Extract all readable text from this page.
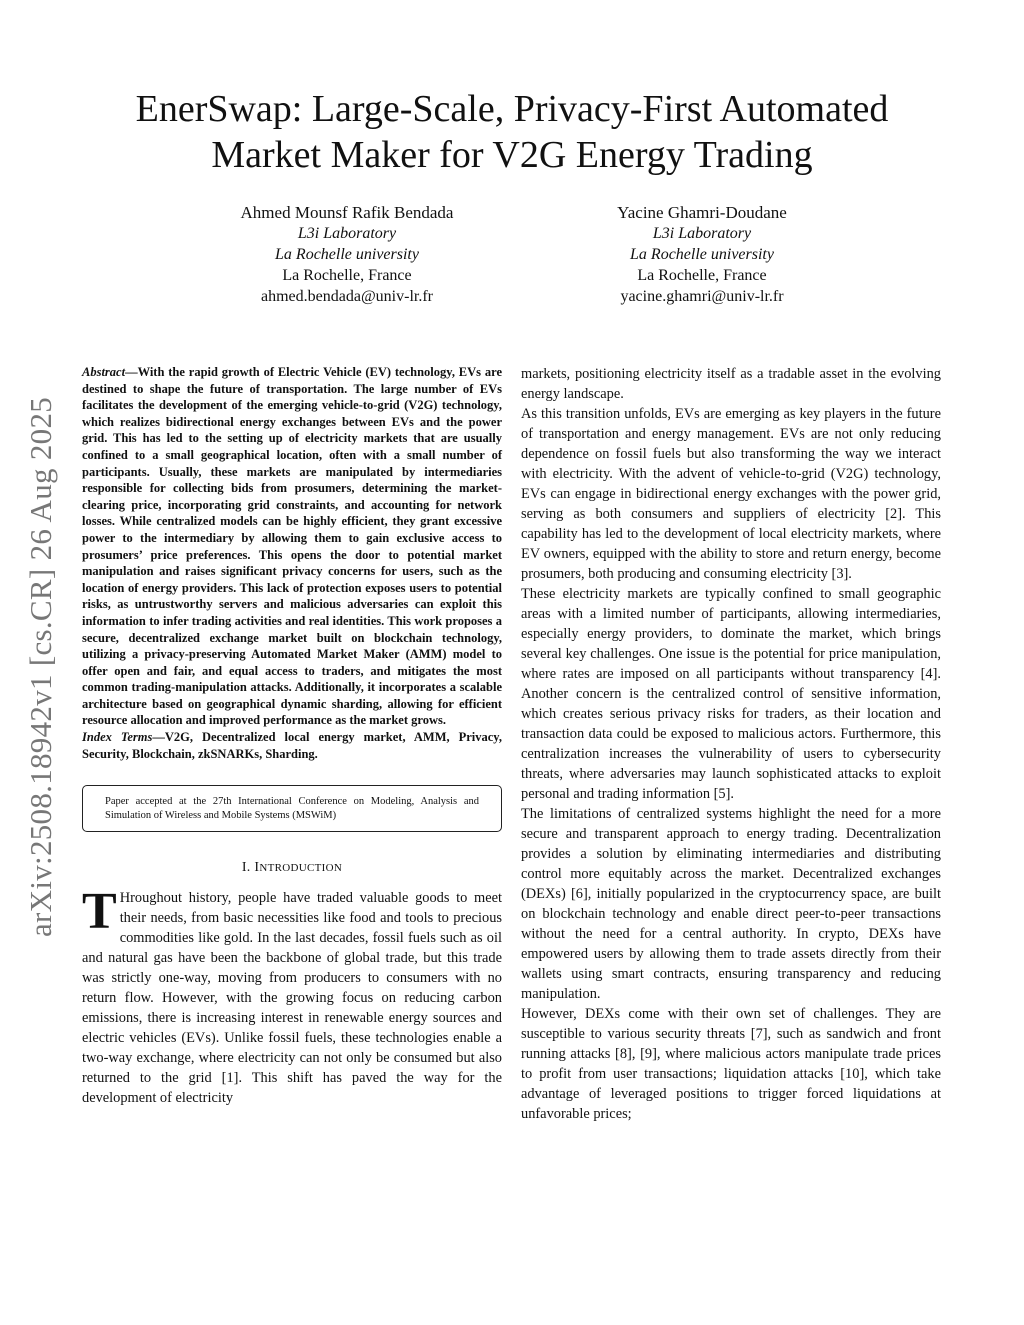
arXiv:2508.18942v1 [cs.CR] 26 Aug 2025
EnerSwap: Large-Scale, Privacy-First Automated
Market Maker for V2G Energy Trading
Ahmed Mounsf Rafik Bendada
L3i Laboratory
La Rochelle university
La Rochelle, France
ahmed.bendada@univ-lr.fr
Yacine Ghamri-Doudane
L3i Laboratory
La Rochelle university
La Rochelle, France
yacine.ghamri@univ-lr.fr

Abstract—With the rapid growth of Electric Vehicle (EV) technology, EVs are destined to shape the future of transportation. The large number of EVs facilitates the development of the emerging vehicle-to-grid (V2G) technology, which realizes bidirectional energy exchanges between EVs and the power grid. This has led to the setting up of electricity markets that are usually confined to a small geographical location, often with a small number of participants. Usually, these markets are manipulated by intermediaries responsible for collecting bids from prosumers, determining the market-clearing price, incorporating grid constraints, and accounting for network losses. While centralized models can be highly efficient, they grant excessive power to the intermediary by allowing them to gain exclusive access to prosumers’ price preferences. This opens the door to potential market manipulation and raises significant privacy concerns for users, such as the location of energy providers. This lack of protection exposes users to potential risks, as untrustworthy servers and malicious adversaries can exploit this information to infer trading activities and real identities. This work proposes a secure, decentralized exchange market built on blockchain technology, utilizing a privacy-preserving Automated Market Maker (AMM) model to offer open and fair, and equal access to traders, and mitigates the most common trading-manipulation attacks. Additionally, it incorporates a scalable architecture based on geographical dynamic sharding, allowing for efficient resource allocation and improved performance as the market grows.

Index Terms—V2G, Decentralized local energy market, AMM, Privacy, Security, Blockchain, zkSNARKs, Sharding.

Paper accepted at the 27th International Conference on Modeling, Analysis and Simulation of Wireless and Mobile Systems (MSWiM)
I. INTRODUCTION

T Hroughout history, people have traded valuable goods to meet their needs, from basic necessities like food and tools to precious commodities like gold. In the last decades, fossil fuels such as oil and natural gas have been the backbone of global trade, but this trade was strictly one-way, moving from producers to consumers with no return flow. However, with the growing focus on reducing carbon emissions, there is increasing interest in renewable energy sources and electric vehicles (EVs). Unlike fossil fuels, these technologies enable a two-way exchange, where electricity can not only be consumed but also returned to the grid [1]. This shift has paved the way for the development of electricity

markets, positioning electricity itself as a tradable asset in the evolving energy landscape.

As this transition unfolds, EVs are emerging as key players in the future of transportation and energy management. EVs are not only reducing dependence on fossil fuels but also transforming the way we interact with electricity. With the advent of vehicle-to-grid (V2G) technology, EVs can engage in bidirectional energy exchanges with the power grid, serving as both consumers and suppliers of electricity [2]. This capability has led to the development of local electricity markets, where EV owners, equipped with the ability to store and return energy, become prosumers, both producing and consuming electricity [3].

These electricity markets are typically confined to small geographic areas with a limited number of participants, allowing intermediaries, especially energy providers, to dominate the market, which brings several key challenges. One issue is the potential for price manipulation, where rates are imposed on all participants without transparency [4]. Another concern is the centralized control of sensitive information, which creates serious privacy risks for traders, as their location and transaction data could be exposed to malicious actors. Furthermore, this centralization increases the vulnerability of users to cybersecurity threats, where adversaries may launch sophisticated attacks to exploit personal and trading information [5].

The limitations of centralized systems highlight the need for a more secure and transparent approach to energy trading. Decentralization provides a solution by eliminating intermediaries and distributing control more equitably across the market. Decentralized exchanges (DEXs) [6], initially popularized in the cryptocurrency space, are built on blockchain technology and enable direct peer-to-peer transactions without the need for a central authority. In crypto, DEXs have empowered users by allowing them to trade assets directly from their wallets using smart contracts, ensuring transparency and reducing manipulation.

However, DEXs come with their own set of challenges. They are susceptible to various security threats [7], such as sandwich and front running attacks [8], [9], where malicious actors manipulate trade prices to profit from user transactions; liquidation attacks [10], which take advantage of leveraged positions to trigger forced liquidations at unfavorable prices;
